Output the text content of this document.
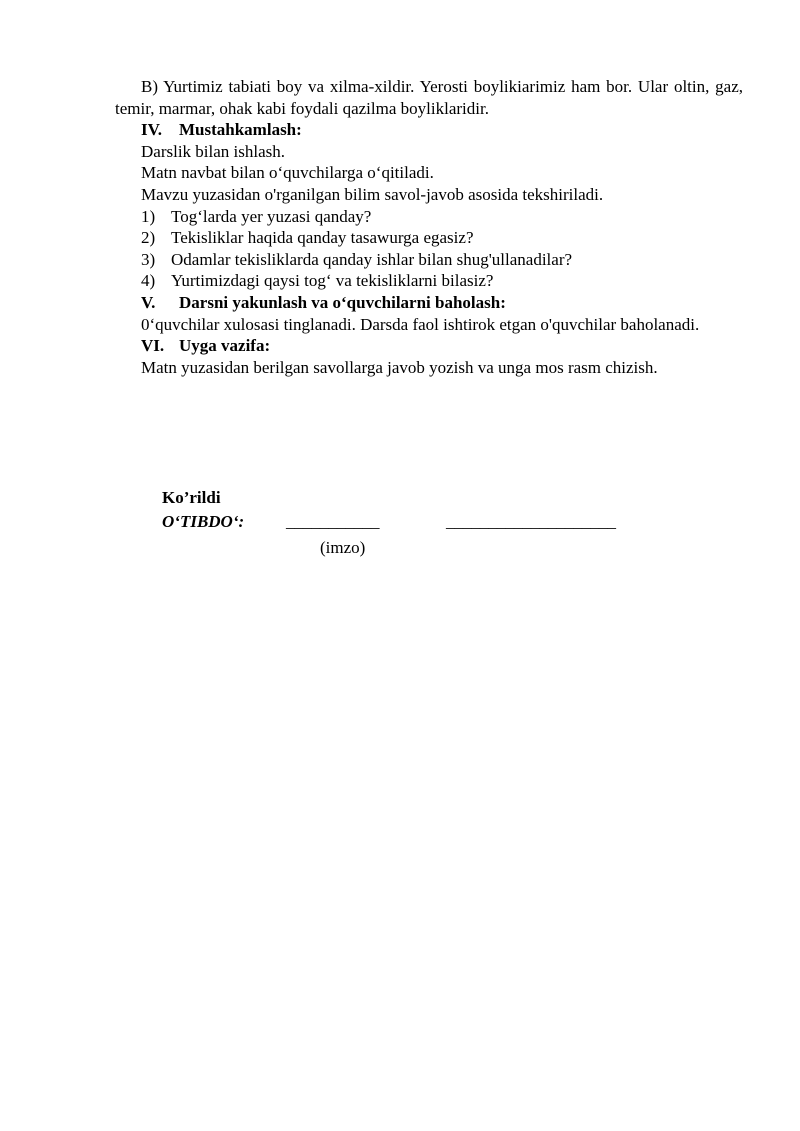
B) Yurtimiz tabiati boy va xilma-xildir. Yerosti boylikiarimiz ham bor. Ular oltin, gaz, temir, marmar, ohak kabi foydali qazilma boyliklaridir.

IV. Mustahkamlash:
Darslik bilan ishlash.
Matn navbat bilan o‘quvchilarga o‘qitiladi.
Mavzu yuzasidan o'rganilgan bilim savol-javob asosida tekshiriladi.
1) Tog‘larda yer yuzasi qanday?
2) Tekisliklar haqida qanday tasawurga egasiz?
3) Odamlar tekisliklarda qanday ishlar bilan shug'ullanadilar?
4) Yurtimizdagi qaysi tog‘ va tekisliklarni bilasiz?
V. Darsni yakunlash va o‘quvchilarni baholash:

0‘quvchilar xulosasi tinglanadi. Darsda faol ishtirok etgan o'quvchilar baholanadi.

VI. Uyga vazifa:
Matn yuzasidan berilgan savollarga javob yozish va unga mos rasm chizish.
Ko’rildi
O‘TIBDO‘: ___________	____________________
(imzo)
